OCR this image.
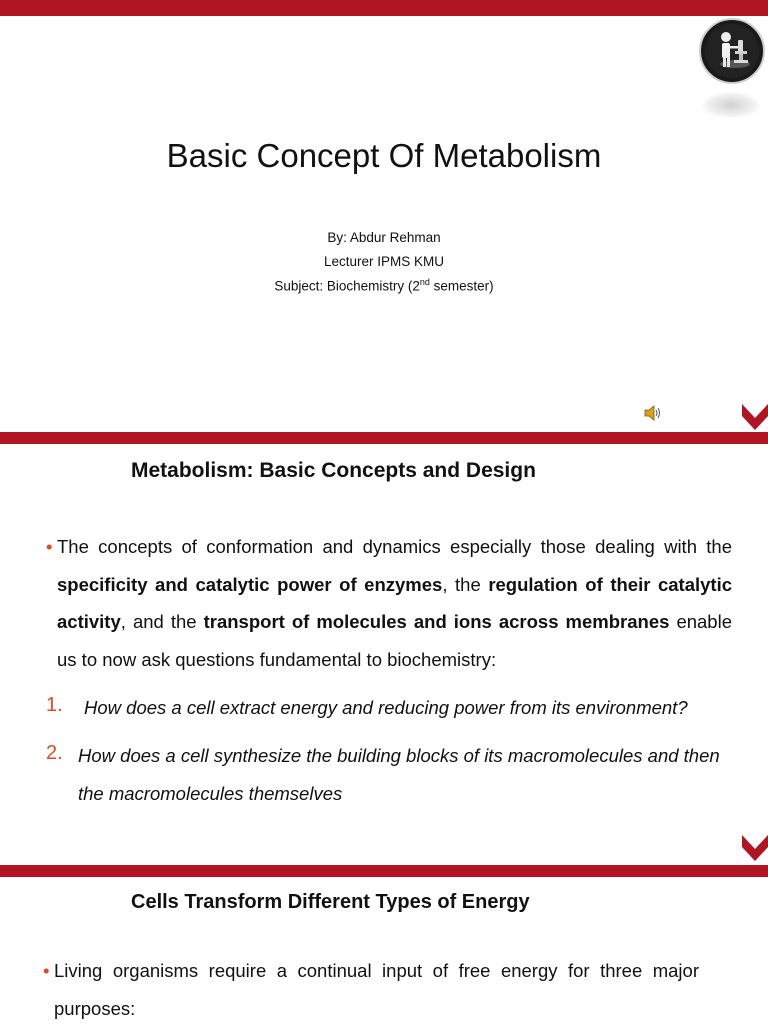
Basic Concept Of Metabolism
By: Abdur Rehman
Lecturer IPMS KMU
Subject: Biochemistry (2nd semester)
Metabolism: Basic Concepts and Design
• The concepts of conformation and dynamics especially those dealing with the specificity and catalytic power of enzymes, the regulation of their catalytic activity, and the transport of molecules and ions across membranes enable us to now ask questions fundamental to biochemistry:
1.	How does a cell extract energy and reducing power from its environment?
2. How does a cell synthesize the building blocks of its macromolecules and then the macromolecules themselves
Cells Transform Different Types of Energy
• Living organisms require a continual input of free energy for three major purposes:
